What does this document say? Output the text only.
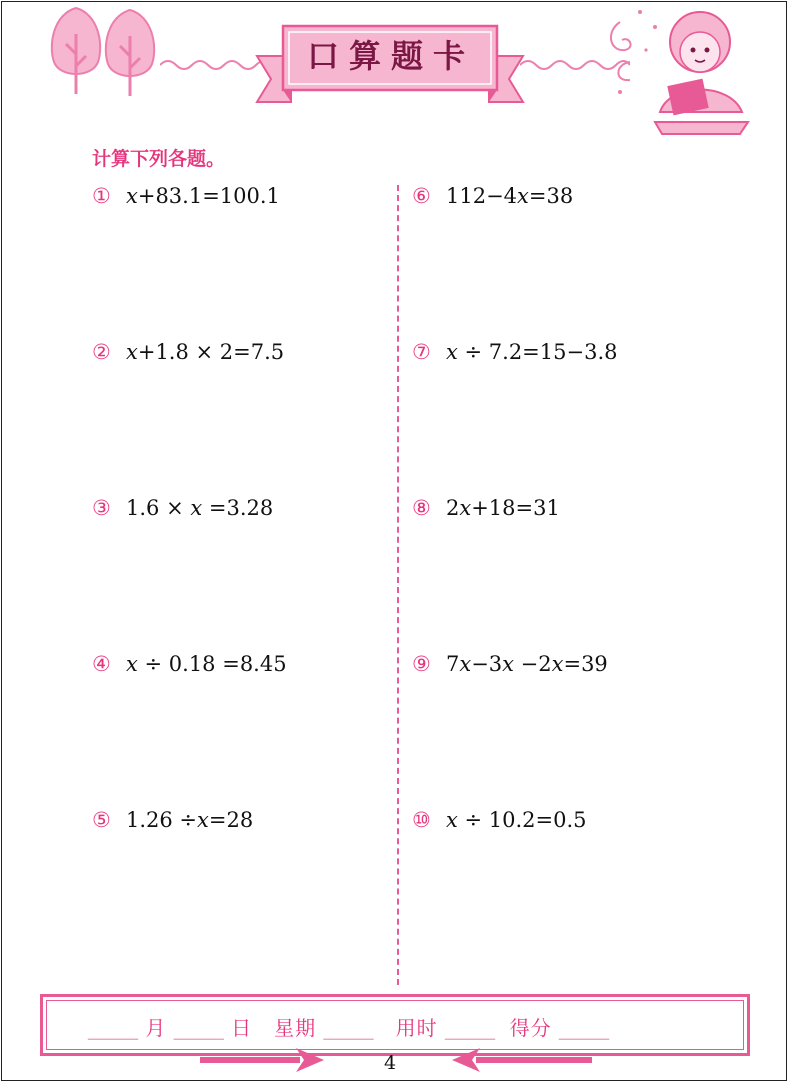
口算题卡
计算下列各题。
① 𝑥+83.1=100.1
② 𝑥+1.8 × 2=7.5
③ 1.6 × 𝑥 =3.28
④ 𝑥 ÷ 0.18 =8.45
⑤ 1.26 ÷𝑥=28
⑥ 112−4𝑥=38
⑦ 𝑥 ÷ 7.2=15−3.8
⑧ 2𝑥+18=31
⑨ 7𝑥−3𝑥 −2𝑥=39
⑩ 𝑥 ÷ 10.2=0.5
_____ 月 _____ 日 星期 _____ 用时 _____ 得分 _____
4
